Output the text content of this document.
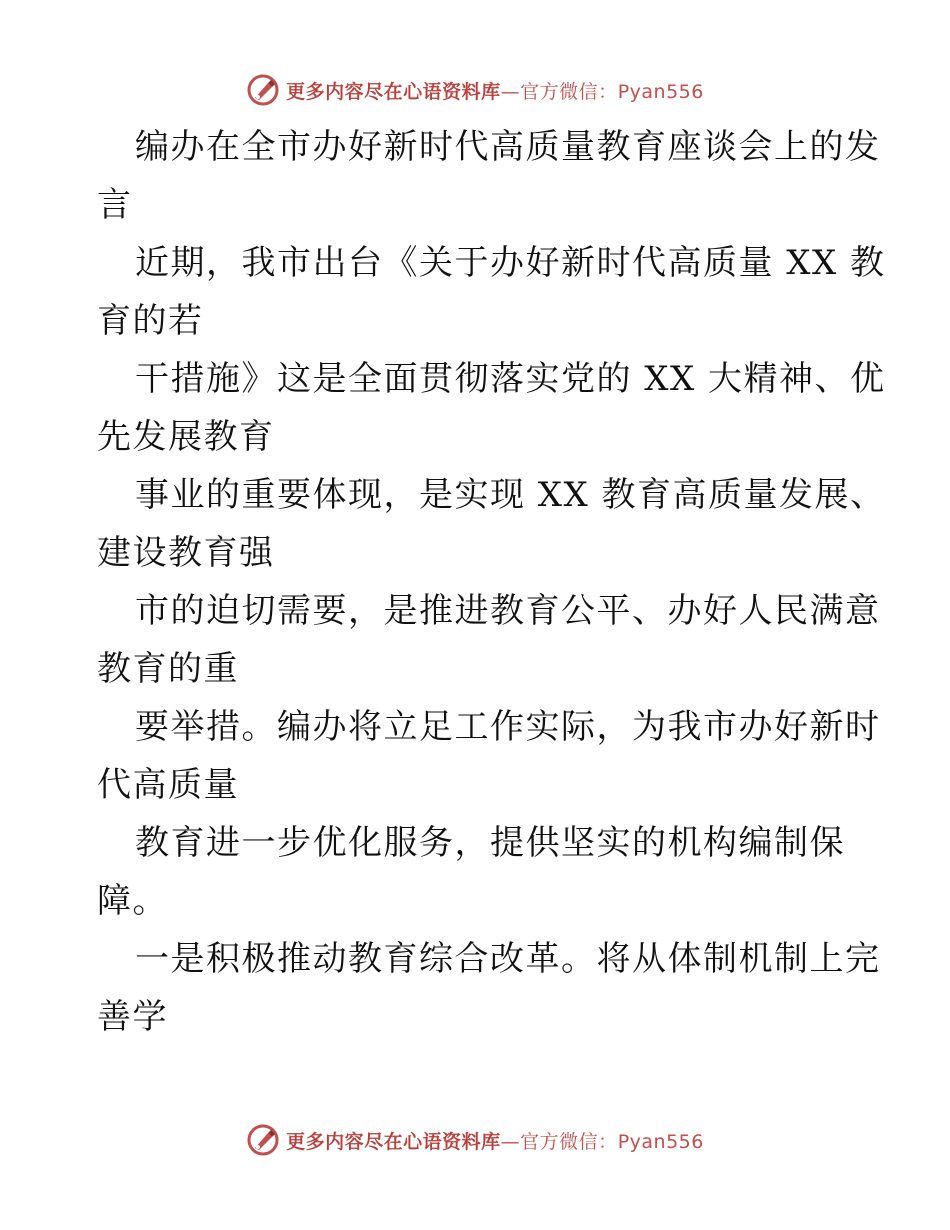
更多内容尽在心语资料库—官方微信：Pyan556
编办在全市办好新时代高质量教育座谈会上的发
言
近期，我市出台《关于办好新时代高质量 XX 教
育的若
干措施》这是全面贯彻落实党的 XX 大精神、优
先发展教育
事业的重要体现，是实现 XX 教育高质量发展、
建设教育强
市的迫切需要，是推进教育公平、办好人民满意
教育的重
要举措。编办将立足工作实际，为我市办好新时
代高质量
教育进一步优化服务，提供坚实的机构编制保
障。
一是积极推动教育综合改革。将从体制机制上完
善学
更多内容尽在心语资料库—官方微信：Pyan556
